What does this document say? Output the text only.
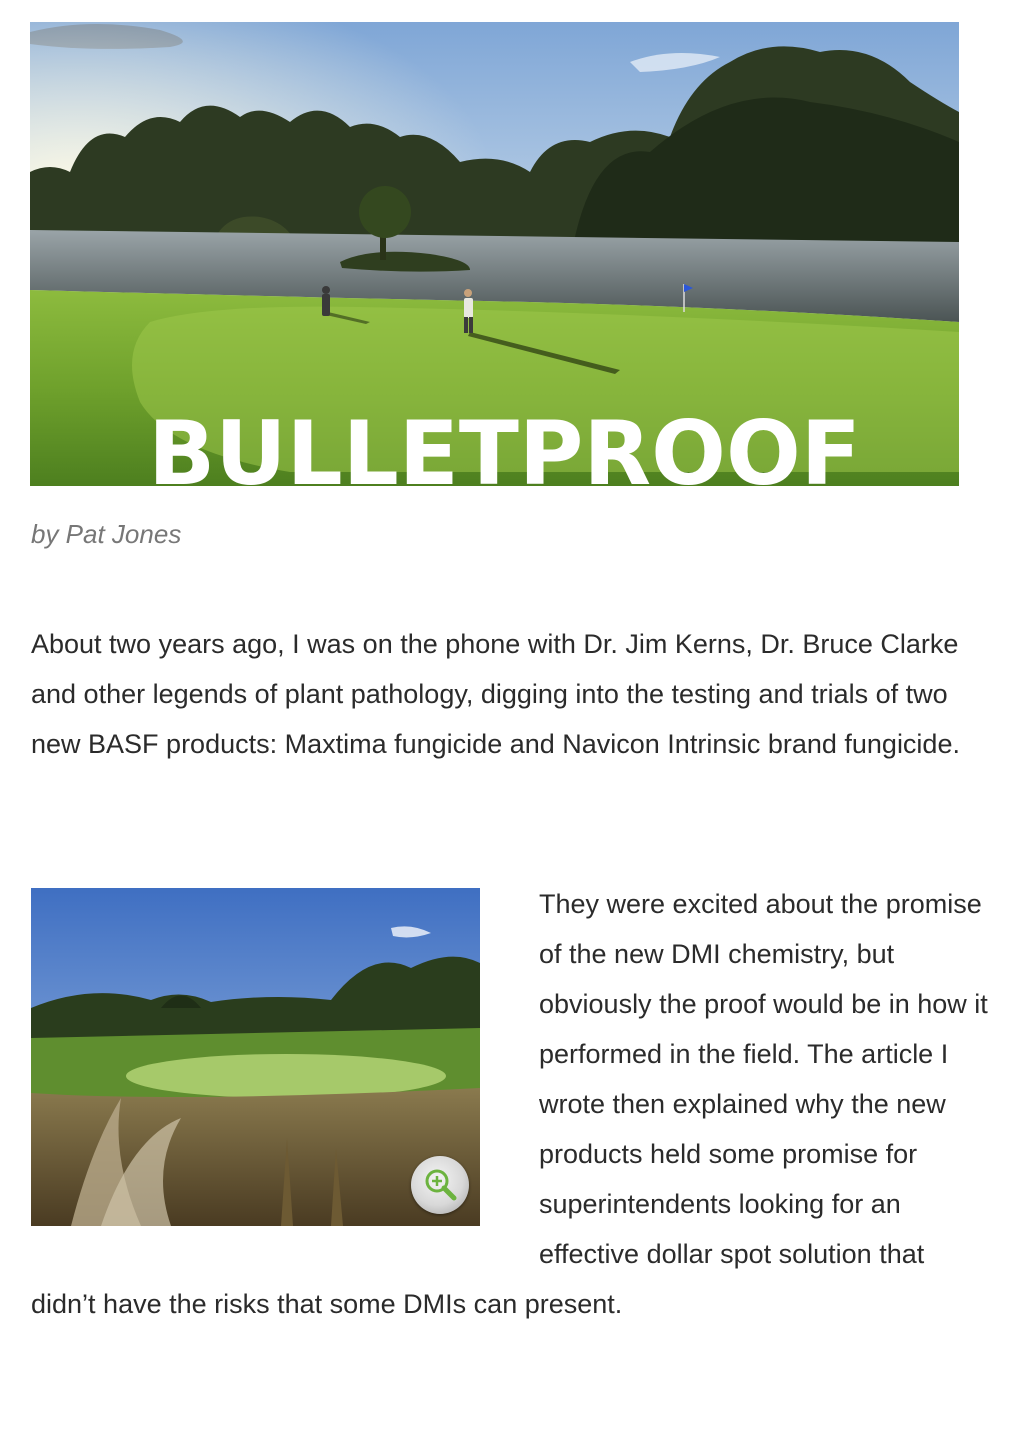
BULLETPROOF

by Pat Jones

About two years ago, I was on the phone with Dr. Jim Kerns, Dr. Bruce Clarke and other legends of plant pathology, digging into the testing and trials of two new BASF products: Maxtima fungicide and Navicon Intrinsic brand fungicide.

They were excited about the promise of the new DMI chemistry, but obviously the proof would be in how it performed in the field. The article I wrote then explained why the new products held some promise for superintendents looking for an effective dollar spot solution that didn’t have the risks that some DMIs can present.
